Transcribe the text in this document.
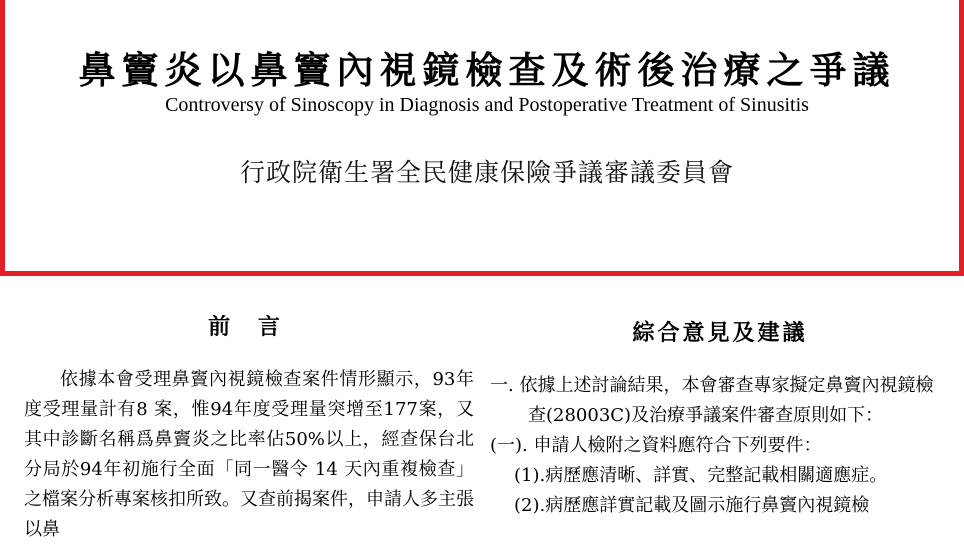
鼻竇炎以鼻竇內視鏡檢查及術後治療之爭議
Controversy of Sinoscopy in Diagnosis and Postoperative Treatment of Sinusitis
行政院衛生署全民健康保險爭議審議委員會
前 言

依據本會受理鼻竇內視鏡檢查案件情形顯示，93年度受理量計有8 案，惟94年度受理量突增至177案，又其中診斷名稱爲鼻竇炎之比率佔50%以上，經查保台北分局於94年初施行全面「同一醫令 14 天內重複檢查」之檔案分析專案核扣所致。又查前揭案件，申請人多主張以鼻

綜合意見及建議

一. 依據上述討論結果，本會審查專家擬定鼻竇內視鏡檢查(28003C)及治療爭議案件審查原則如下：

(一). 申請人檢附之資料應符合下列要件：

(1).病歷應清晰、詳實、完整記載相關適應症。

(2).病歷應詳實記載及圖示施行鼻竇內視鏡檢
